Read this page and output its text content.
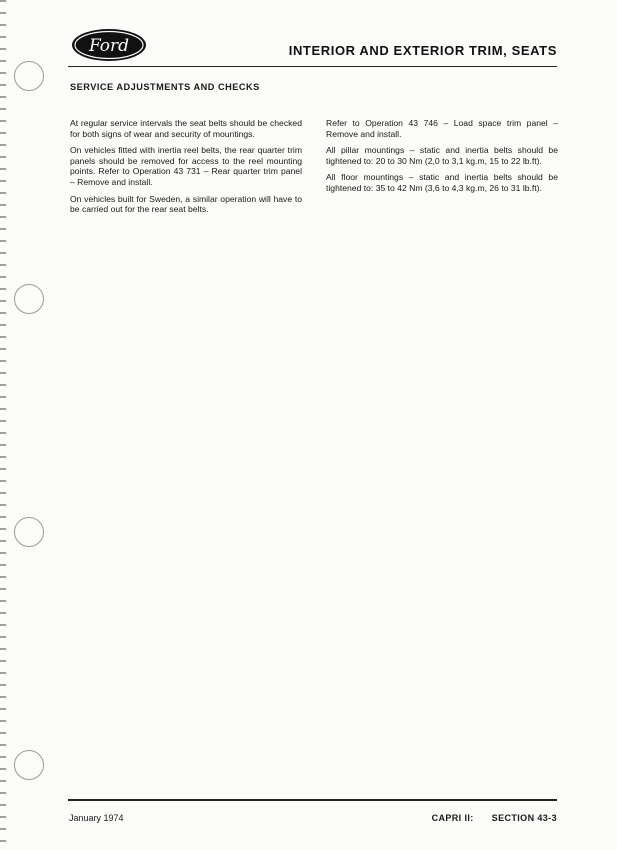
Ford	INTERIOR AND EXTERIOR TRIM, SEATS
SERVICE ADJUSTMENTS AND CHECKS

At regular service intervals the seat belts should be checked for both signs of wear and security of mountings.

On vehicles fitted with inertia reel belts, the rear quarter trim panels should be removed for access to the reel mounting points. Refer to Operation 43 731 – Rear quarter trim panel – Remove and install.

On vehicles built for Sweden, a similar operation will have to be carried out for the rear seat belts.

Refer to Operation 43 746 – Load space trim panel – Remove and install.

All pillar mountings – static and inertia belts should be tightened to: 20 to 30 Nm (2,0 to 3,1 kg.m, 15 to 22 lb.ft).

All floor mountings – static and inertia belts should be tightened to: 35 to 42 Nm (3,6 to 4,3 kg.m, 26 to 31 lb.ft).

January 1974	CAPRI II: SECTION 43-3
